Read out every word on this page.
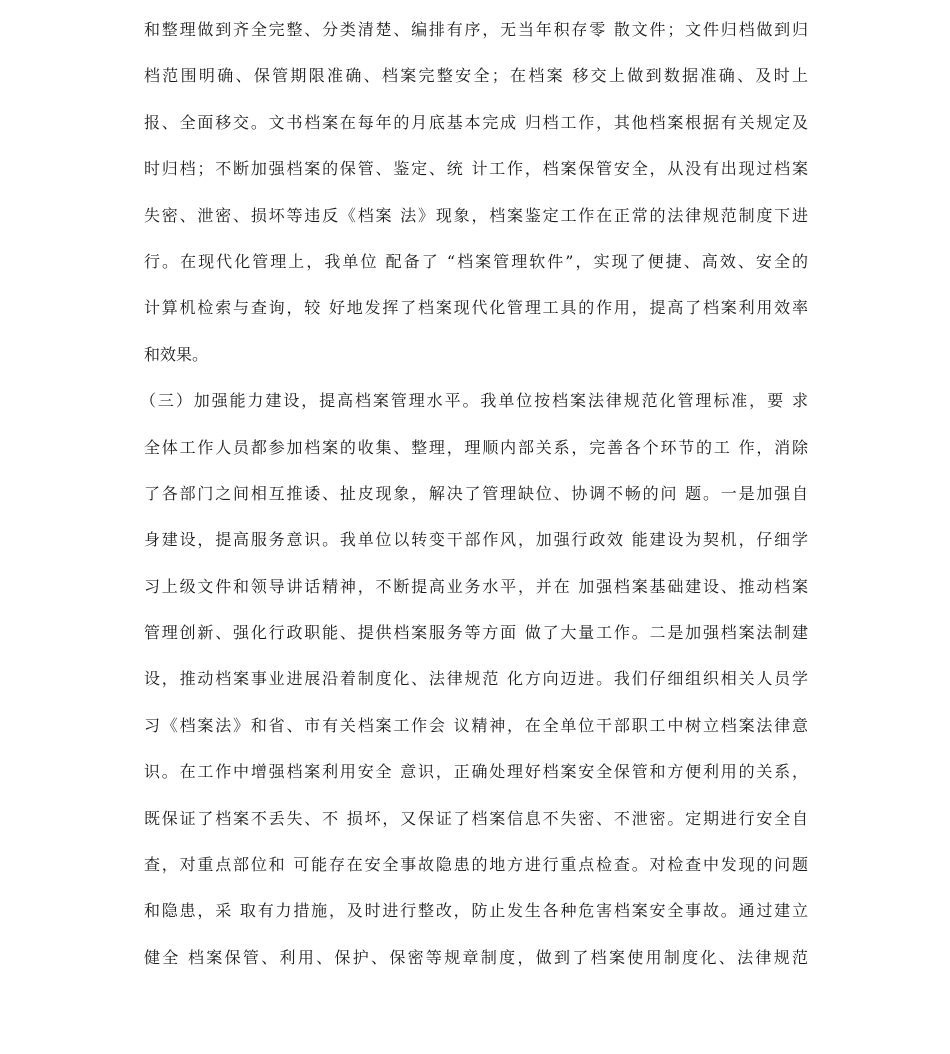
和整理做到齐全完整、分类清楚、编排有序，无当年积存零 散文件；文件归档做到归
档范围明确、保管期限准确、档案完整安全；在档案 移交上做到数据准确、及时上
报、全面移交。文书档案在每年的月底基本完成 归档工作，其他档案根据有关规定及
时归档；不断加强档案的保管、鉴定、统 计工作，档案保管安全，从没有出现过档案
失密、泄密、损坏等违反《档案 法》现象，档案鉴定工作在正常的法律规范制度下进
行。在现代化管理上，我单位 配备了 “档案管理软件”，实现了便捷、高效、安全的
计算机检索与查询，较 好地发挥了档案现代化管理工具的作用，提高了档案利用效率
和效果。
（三）加强能力建设，提高档案管理水平。我单位按档案法律规范化管理标准，要 求
全体工作人员都参加档案的收集、整理，理顺内部关系，完善各个环节的工 作，消除
了各部门之间相互推诿、扯皮现象，解决了管理缺位、协调不畅的问 题。一是加强自
身建设，提高服务意识。我单位以转变干部作风，加强行政效 能建设为契机，仔细学
习上级文件和领导讲话精神，不断提高业务水平，并在 加强档案基础建设、推动档案
管理创新、强化行政职能、提供档案服务等方面 做了大量工作。二是加强档案法制建
设，推动档案事业进展沿着制度化、法律规范 化方向迈进。我们仔细组织相关人员学
习《档案法》和省、市有关档案工作会 议精神，在全单位干部职工中树立档案法律意
识。在工作中增强档案利用安全 意识，正确处理好档案安全保管和方便利用的关系，
既保证了档案不丢失、不 损坏，又保证了档案信息不失密、不泄密。定期进行安全自
查，对重点部位和 可能存在安全事故隐患的地方进行重点检查。对检查中发现的问题
和隐患，采 取有力措施，及时进行整改，防止发生各种危害档案安全事故。通过建立
健全 档案保管、利用、保护、保密等规章制度，做到了档案使用制度化、法律规范
